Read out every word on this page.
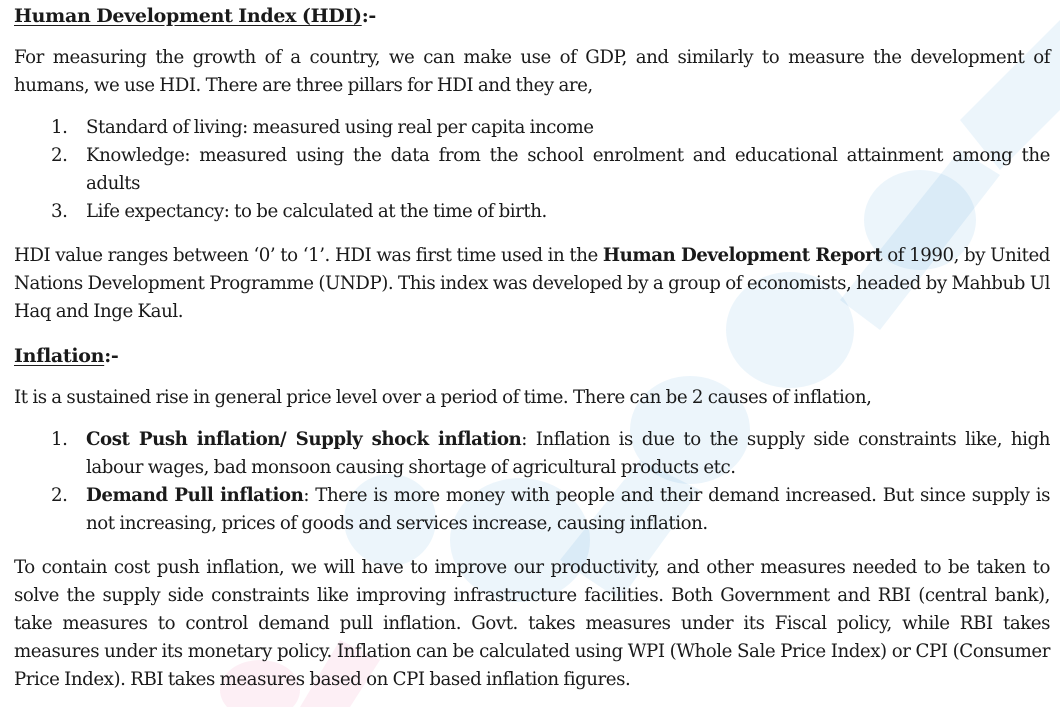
Human Development Index (HDI):-

For measuring the growth of a country, we can make use of GDP, and similarly to measure the development of humans, we use HDI. There are three pillars for HDI and they are,

1. Standard of living: measured using real per capita income
2. Knowledge: measured using the data from the school enrolment and educational attainment among the adults
3. Life expectancy: to be calculated at the time of birth.

HDI value ranges between ‘0’ to ‘1’. HDI was first time used in the Human Development Report of 1990, by United Nations Development Programme (UNDP). This index was developed by a group of economists, headed by Mahbub Ul Haq and Inge Kaul.

Inflation:-

It is a sustained rise in general price level over a period of time. There can be 2 causes of inflation,

1. Cost Push inflation/ Supply shock inflation: Inflation is due to the supply side constraints like, high labour wages, bad monsoon causing shortage of agricultural products etc.
2. Demand Pull inflation: There is more money with people and their demand increased. But since supply is not increasing, prices of goods and services increase, causing inflation.

To contain cost push inflation, we will have to improve our productivity, and other measures needed to be taken to solve the supply side constraints like improving infrastructure facilities. Both Government and RBI (central bank), take measures to control demand pull inflation. Govt. takes measures under its Fiscal policy, while RBI takes measures under its monetary policy. Inflation can be calculated using WPI (Whole Sale Price Index) or CPI (Consumer Price Index). RBI takes measures based on CPI based inflation figures.
